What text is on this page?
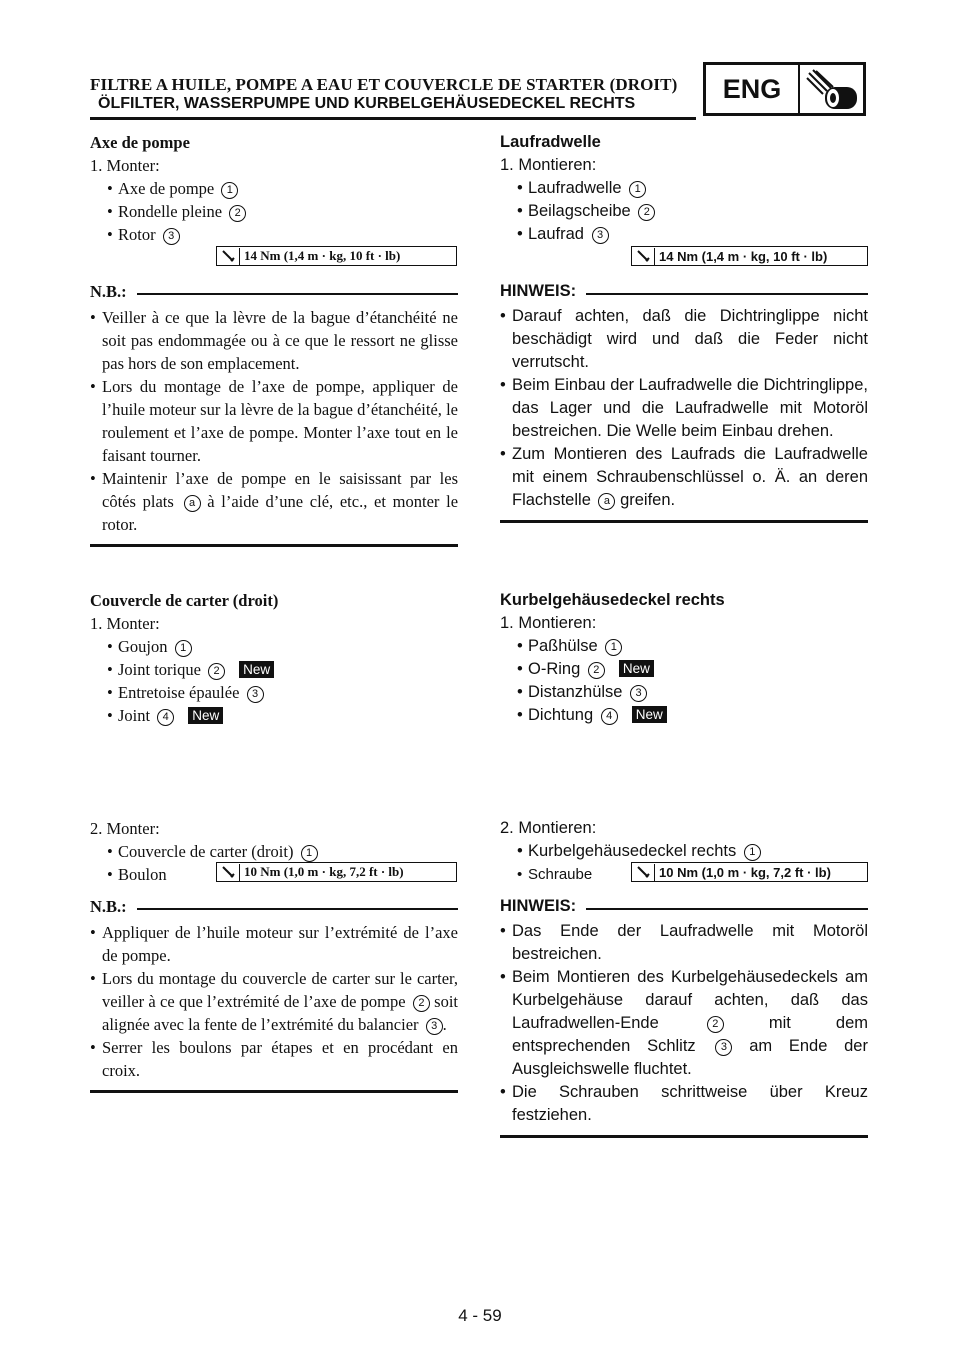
FILTRE A HUILE, POMPE A EAU ET COUVERCLE DE STARTER (DROIT)
ÖLFILTER, WASSERPUMPE UND KURBELGEHÄUSEDECKEL RECHTS	ENG
Axe de pompe
1. Monter:
• Axe de pompe 1
• Rondelle pleine 2
• Rotor 3
14 Nm (1,4 m · kg, 10 ft · lb)
N.B.:
• Veiller à ce que la lèvre de la bague d’étanchéité ne soit pas endommagée ou à ce que le ressort ne glisse pas hors de son emplacement.
• Lors du montage de l’axe de pompe, appliquer de l’huile moteur sur la lèvre de la bague d’étanchéité, le roulement et l’axe de pompe. Monter l’axe tout en le faisant tourner.
• Maintenir l’axe de pompe en le saisissant par les côtés plats a à l’aide d’une clé, etc., et monter le rotor.
Couvercle de carter (droit)
1. Monter:
• Goujon 1
• Joint torique 2 New
• Entretoise épaulée 3
• Joint 4 New
2. Monter:
• Couvercle de carter (droit) 1
• Boulon	10 Nm (1,0 m · kg, 7,2 ft · lb)
N.B.:
• Appliquer de l’huile moteur sur l’extrémité de l’axe de pompe.
• Lors du montage du couvercle de carter sur le carter, veiller à ce que l’extrémité de l’axe de pompe 2 soit alignée avec la fente de l’extrémité du balancier 3 .
• Serrer les boulons par étapes et en procédant en croix.
Laufradwelle
1. Montieren:
• Laufradwelle 1
• Beilagscheibe 2
• Laufrad 3
14 Nm (1,4 m · kg, 10 ft · lb)
HINWEIS:
• Darauf achten, daß die Dichtringlippe nicht beschädigt wird und daß die Feder nicht verrutscht.
• Beim Einbau der Laufradwelle die Dichtringlippe, das Lager und die Laufradwelle mit Motoröl bestreichen. Die Welle beim Einbau drehen.
• Zum Montieren des Laufrads die Laufradwelle mit einem Schraubenschlüssel o. Ä. an deren Flachstelle a greifen.
Kurbelgehäusedeckel rechts
1. Montieren:
• Paßhülse 1
• O-Ring 2 New
• Distanzhülse 3
• Dichtung 4 New
2. Montieren:
• Kurbelgehäusedeckel rechts 1
• Schraube	10 Nm (1,0 m · kg, 7,2 ft · lb)
HINWEIS:
• Das Ende der Laufradwelle mit Motoröl bestreichen.
• Beim Montieren des Kurbelgehäusedeckels am Kurbelgehäuse darauf achten, daß das Laufradwellen-Ende	2	mit dem entsprechenden Schlitz 3 am Ende der Ausgleichswelle fluchtet.
• Die Schrauben schrittweise über Kreuz festziehen.
4 - 59
